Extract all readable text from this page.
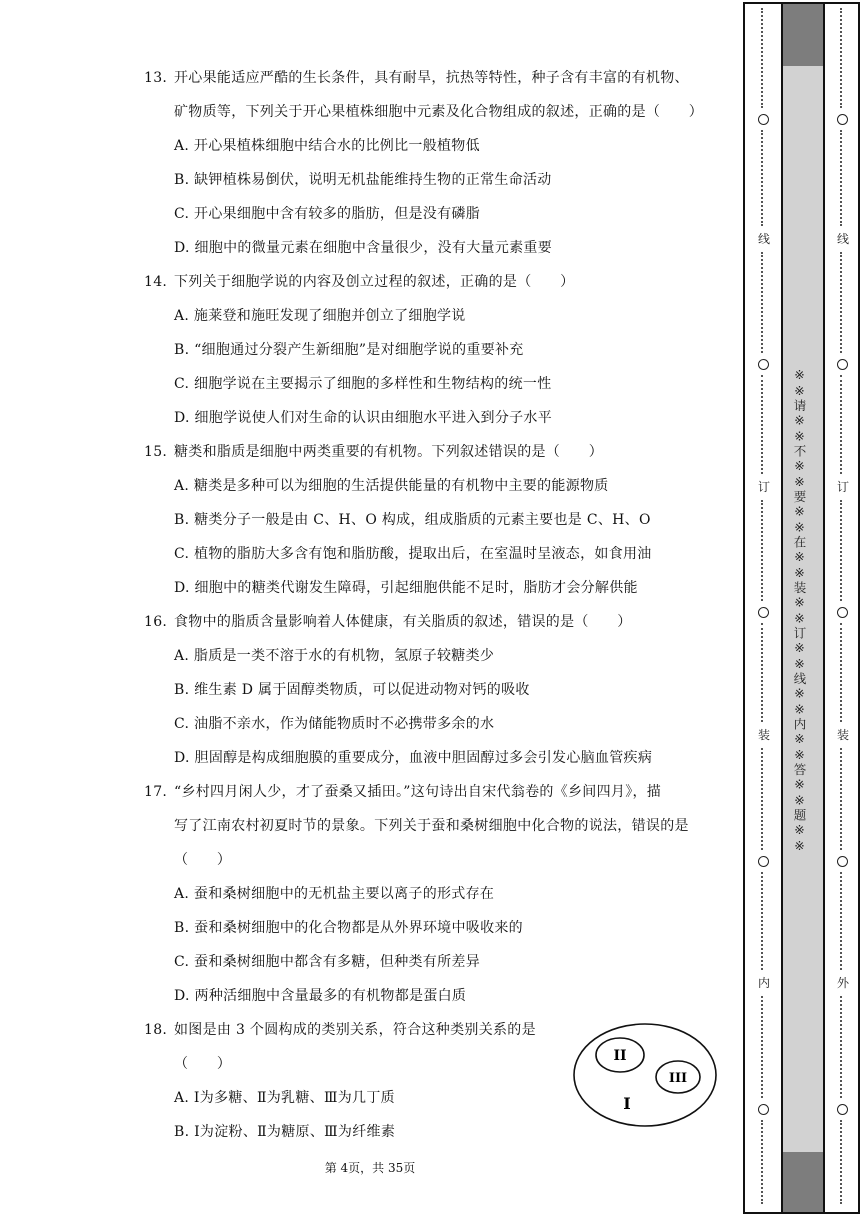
13. 开心果能适应严酷的生长条件，具有耐旱，抗热等特性，种子含有丰富的有机物、
矿物质等，下列关于开心果植株细胞中元素及化合物组成的叙述，正确的是（　　）
A. 开心果植株细胞中结合水的比例比一般植物低
B. 缺钾植株易倒伏，说明无机盐能维持生物的正常生命活动
C. 开心果细胞中含有较多的脂肪，但是没有磷脂
D. 细胞中的微量元素在细胞中含量很少，没有大量元素重要
14. 下列关于细胞学说的内容及创立过程的叙述，正确的是（　　）
A. 施莱登和施旺发现了细胞并创立了细胞学说
B. “细胞通过分裂产生新细胞”是对细胞学说的重要补充
C. 细胞学说在主要揭示了细胞的多样性和生物结构的统一性
D. 细胞学说使人们对生命的认识由细胞水平进入到分子水平
15. 糖类和脂质是细胞中两类重要的有机物。下列叙述错误的是（　　）
A. 糖类是多种可以为细胞的生活提供能量的有机物中主要的能源物质
B. 糖类分子一般是由 C、H、O 构成，组成脂质的元素主要也是 C、H、O
C. 植物的脂肪大多含有饱和脂肪酸，提取出后，在室温时呈液态，如食用油
D. 细胞中的糖类代谢发生障碍，引起细胞供能不足时，脂肪才会分解供能
16. 食物中的脂质含量影响着人体健康，有关脂质的叙述，错误的是（　　）
A. 脂质是一类不溶于水的有机物，氢原子较糖类少
B. 维生素 D 属于固醇类物质，可以促进动物对钙的吸收
C. 油脂不亲水，作为储能物质时不必携带多余的水
D. 胆固醇是构成细胞膜的重要成分，血液中胆固醇过多会引发心脑血管疾病
17. “乡村四月闲人少，才了蚕桑又插田。”这句诗出自宋代翁卷的《乡间四月》，描
写了江南农村初夏时节的景象。下列关于蚕和桑树细胞中化合物的说法，错误的是
（　　）
A. 蚕和桑树细胞中的无机盐主要以离子的形式存在
B. 蚕和桑树细胞中的化合物都是从外界环境中吸收来的
C. 蚕和桑树细胞中都含有多糖，但种类有所差异
D. 两种活细胞中含量最多的有机物都是蛋白质
18. 如图是由 3 个圆构成的类别关系，符合这种类别关系的是
（　　）
A. Ⅰ为多糖、Ⅱ为乳糖、Ⅲ为几丁质
B. Ⅰ为淀粉、Ⅱ为糖原、Ⅲ为纤维素
II
III
I
第 4页，共 35页
线
订
装
内
※※请※※不※※要※※在※※装※※订※※线※※内※※答※※题※※
线
订
装
外
